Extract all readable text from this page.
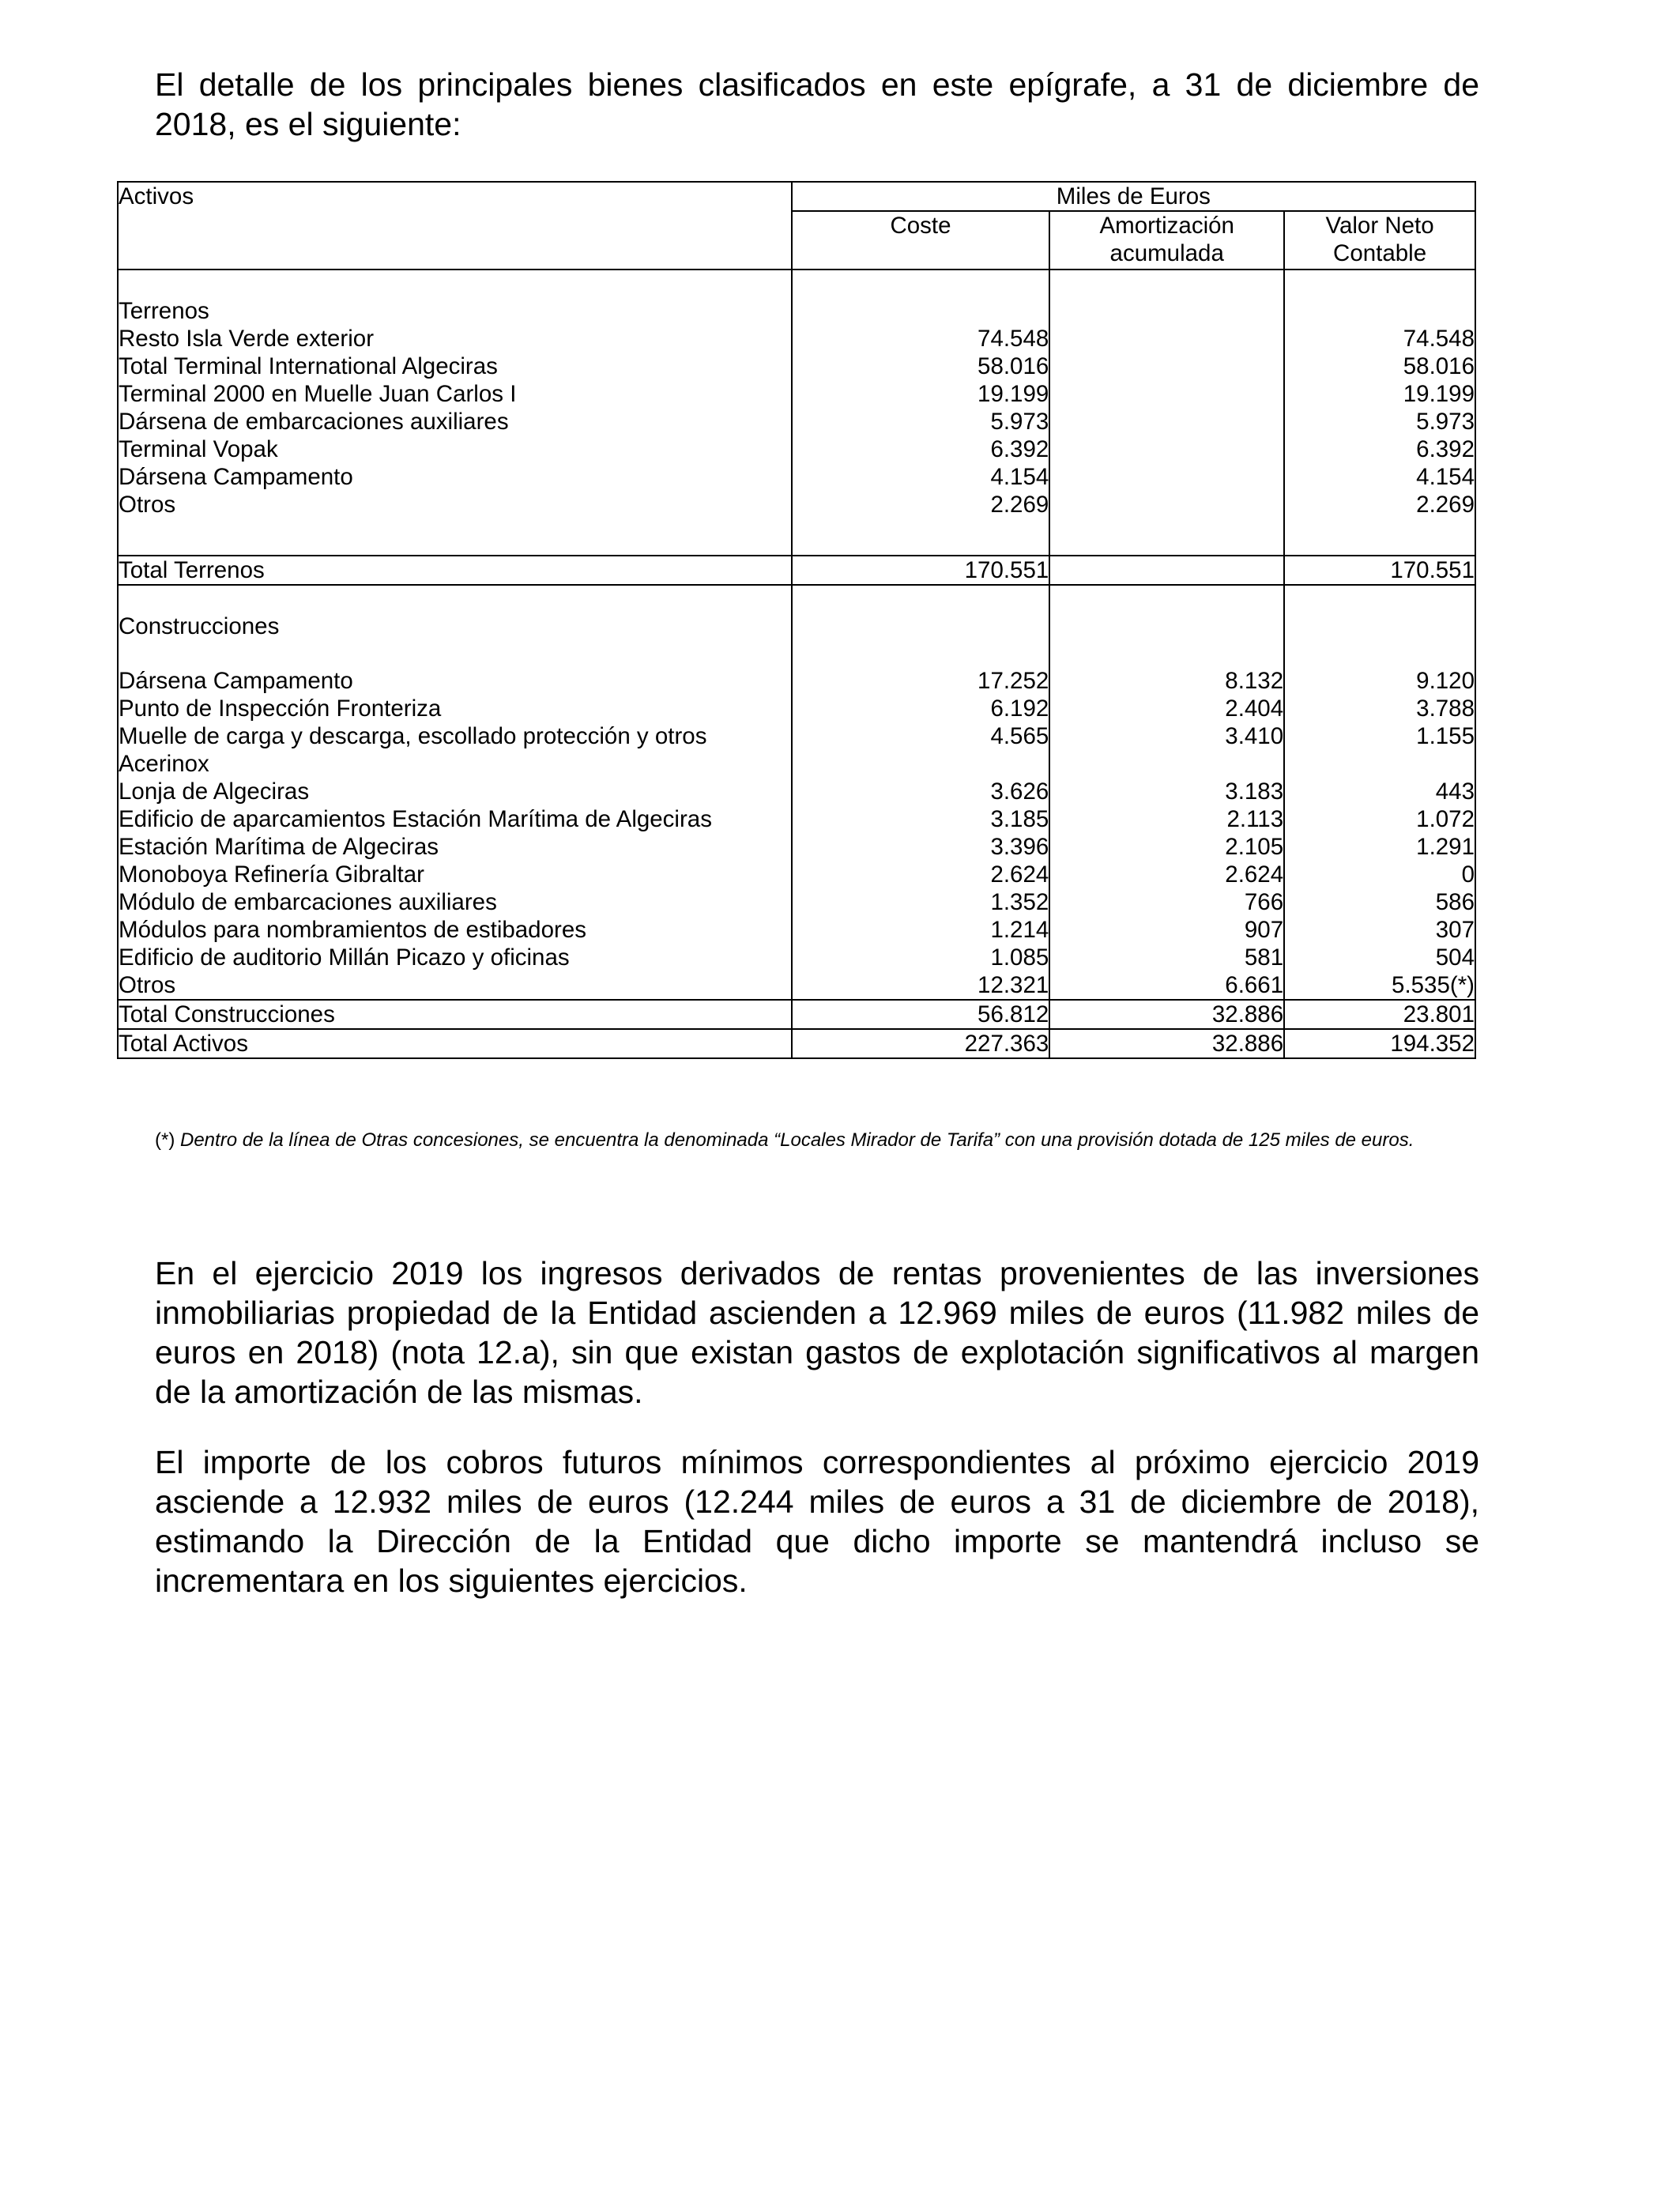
El detalle de los principales bienes clasificados en este epígrafe, a 31 de diciembre de 2018, es el siguiente:

Activos	Miles de Euros		
	Coste	Amortización acumulada	Valor Neto Contable

Terrenos			
Resto Isla Verde exterior	74.548		74.548
Total Terminal International Algeciras	58.016		58.016
Terminal 2000 en Muelle Juan Carlos I	19.199		19.199
Dársena de embarcaciones auxiliares	5.973		5.973
Terminal Vopak	6.392		6.392
Dársena Campamento	4.154		4.154
Otros	2.269		2.269

Total Terrenos	170.551		170.551

Construcciones			

Dársena Campamento	17.252	8.132	9.120
Punto de Inspección Fronteriza	6.192	2.404	3.788
Muelle de carga y descarga, escollado protección y otros Acerinox	4.565	3.410	1.155
Lonja de Algeciras	3.626	3.183	443
Edificio de aparcamientos Estación Marítima de Algeciras	3.185	2.113	1.072
Estación Marítima de Algeciras	3.396	2.105	1.291
Monoboya Refinería Gibraltar	2.624	2.624	0
Módulo de embarcaciones auxiliares	1.352	766	586
Módulos para nombramientos de estibadores	1.214	907	307
Edificio de auditorio Millán Picazo y oficinas	1.085	581	504
Otros	12.321	6.661	5.535(*)
Total Construcciones	56.812	32.886	23.801
Total Activos	227.363	32.886	194.352

(*) Dentro de la línea de Otras concesiones, se encuentra la denominada “Locales Mirador de Tarifa” con una provisión dotada de 125 miles de euros.

En el ejercicio 2019 los ingresos derivados de rentas provenientes de las inversiones inmobiliarias propiedad de la Entidad ascienden a 12.969 miles de euros (11.982 miles de euros en 2018) (nota 12.a), sin que existan gastos de explotación significativos al margen de la amortización de las mismas.

El importe de los cobros futuros mínimos correspondientes al próximo ejercicio 2019 asciende a 12.932 miles de euros (12.244 miles de euros a 31 de diciembre de 2018), estimando la Dirección de la Entidad que dicho importe se mantendrá incluso se incrementara en los siguientes ejercicios.
